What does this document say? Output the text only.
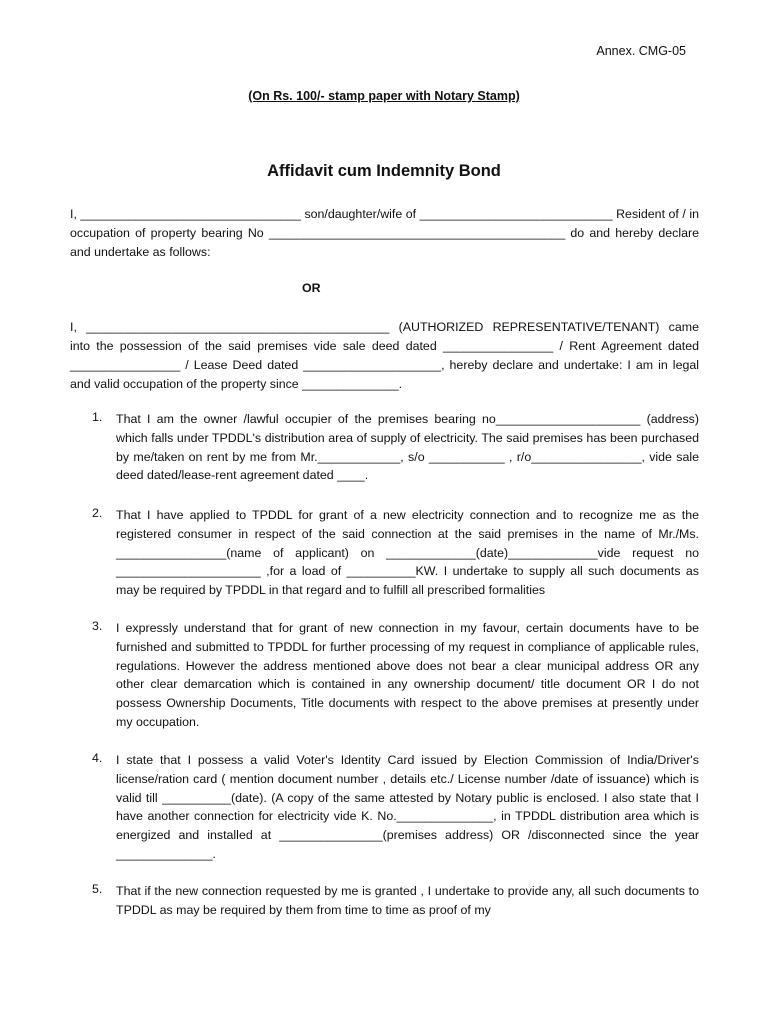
Annex. CMG-05
(On Rs. 100/- stamp paper with Notary Stamp)
Affidavit cum Indemnity Bond

I, ________________________________ son/daughter/wife of ____________________________ Resident of / in occupation of property bearing No ___________________________________________ do and hereby declare and undertake as follows:

OR

I, ____________________________________________ (AUTHORIZED REPRESENTATIVE/TENANT) came into the possession of the said premises vide sale deed dated ________________ / Rent Agreement dated ________________ / Lease Deed dated ____________________, hereby declare and undertake: I am in legal and valid occupation of the property since ______________.

1.	That I am the owner /lawful occupier of the premises bearing no_____________________ (address) which falls under TPDDL's distribution area of supply of electricity. The said premises has been purchased by me/taken on rent by me from Mr.____________, s/o ___________ , r/o________________, vide sale deed dated/lease-rent agreement dated ____.

2.	That I have applied to TPDDL for grant of a new electricity connection and to recognize me as the registered consumer in respect of the said connection at the said premises in the name of Mr./Ms. ________________(name of applicant) on _____________(date)_____________vide request no _____________________ ,for a load of __________KW. I undertake to supply all such documents as may be required by TPDDL in that regard and to fulfill all prescribed formalities

3.	I expressly understand that for grant of new connection in my favour, certain documents have to be furnished and submitted to TPDDL for further processing of my request in compliance of applicable rules, regulations. However the address mentioned above does not bear a clear municipal address OR any other clear demarcation which is contained in any ownership document/ title document OR I do not possess Ownership Documents, Title documents with respect to the above premises at presently under my occupation.

4.	I state that I possess a valid Voter's Identity Card issued by Election Commission of India/Driver's license/ration card ( mention document number , details etc./ License number /date of issuance) which is valid till __________(date). (A copy of the same attested by Notary public is enclosed. I also state that I have another connection for electricity vide K. No.______________, in TPDDL distribution area which is energized and installed at _______________(premises address) OR /disconnected since the year ______________.

5.	That if the new connection requested by me is granted , I undertake to provide any, all such documents to TPDDL as may be required by them from time to time as proof of my
